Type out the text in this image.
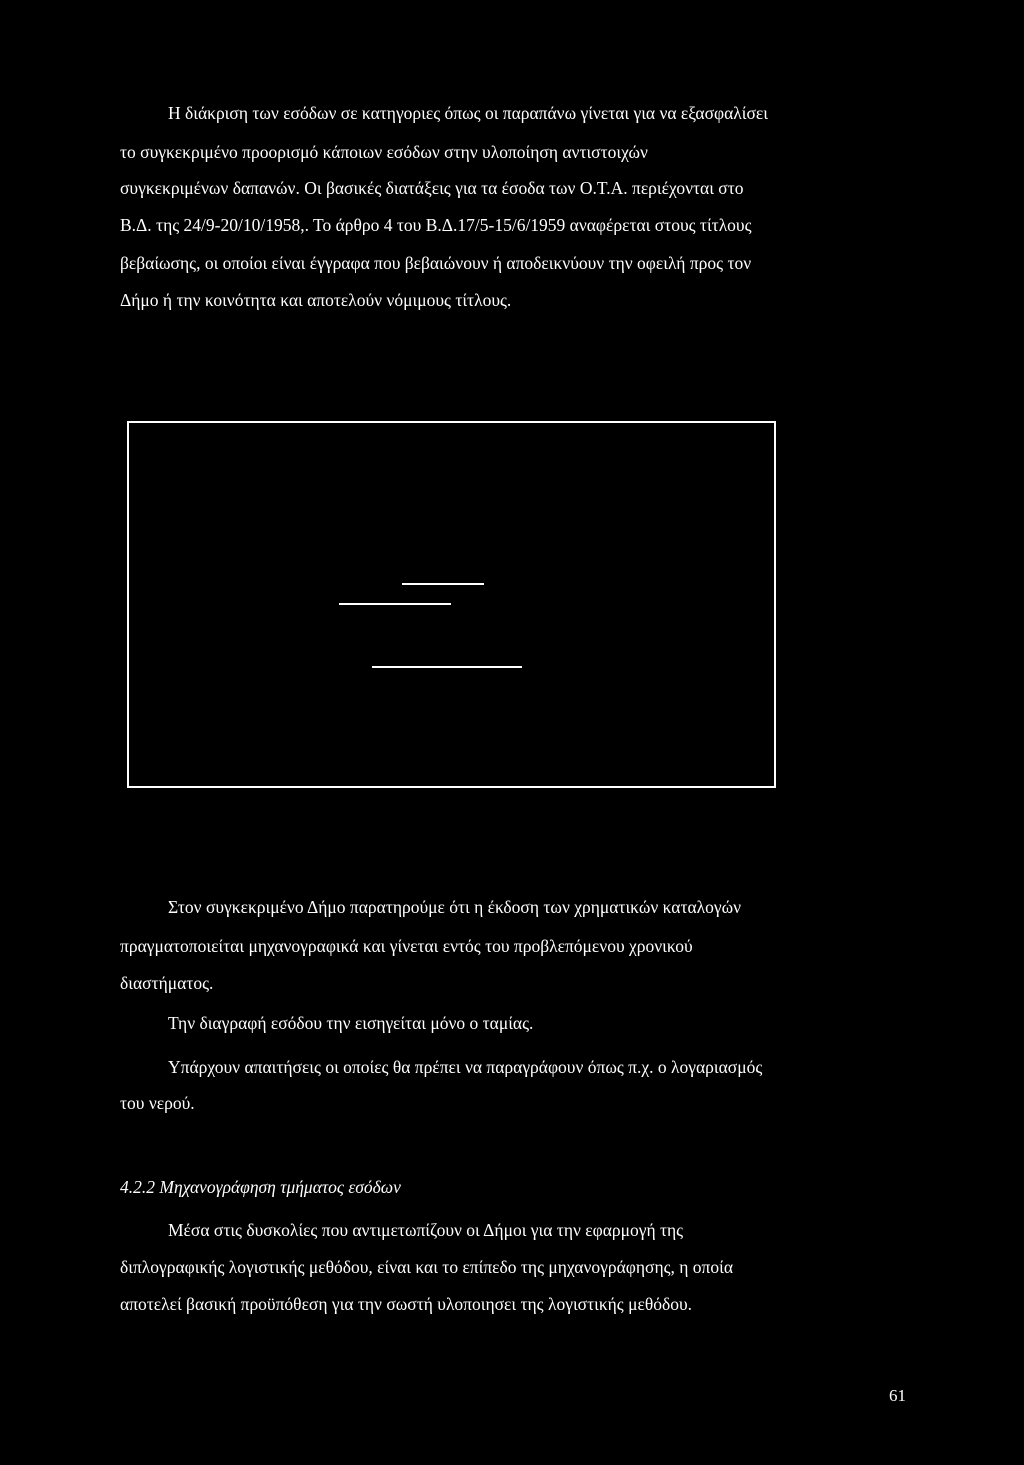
Η διάκριση των εσόδων σε κατηγοριες όπως οι παραπάνω γίνεται για να εξασφαλίσει
το συγκεκριμένο προορισμό κάποιων εσόδων στην υλοποίηση αντιστοιχών
συγκεκριμένων δαπανών. Οι βασικές διατάξεις για τα έσοδα των Ο.Τ.Α. περιέχονται στο
Β.Δ. της 24/9-20/10/1958,. Το άρθρο 4 του Β.Δ.17/5-15/6/1959 αναφέρεται στους τίτλους
βεβαίωσης, οι οποίοι είναι έγγραφα που βεβαιώνουν ή αποδεικνύουν την οφειλή προς τον
Δήμο ή την κοινότητα και αποτελούν νόμιμους τίτλους.
Στον συγκεκριμένο Δήμο παρατηρούμε ότι η έκδοση των χρηματικών καταλογών
πραγματοποιείται μηχανογραφικά και γίνεται εντός του προβλεπόμενου χρονικού
διαστήματος.
Την διαγραφή εσόδου την εισηγείται μόνο ο ταμίας.
Υπάρχουν απαιτήσεις οι οποίες θα πρέπει να παραγράφουν όπως π.χ. ο λογαριασμός
του νερού.
4.2.2 Μηχανογράφηση τμήματος εσόδων
Μέσα στις δυσκολίες που αντιμετωπίζουν οι Δήμοι για την εφαρμογή της
διπλογραφικής λογιστικής μεθόδου, είναι και το επίπεδο της μηχανογράφησης, η οποία
αποτελεί βασική προϋπόθεση για την σωστή υλοποιησει της λογιστικής μεθόδου.
61
